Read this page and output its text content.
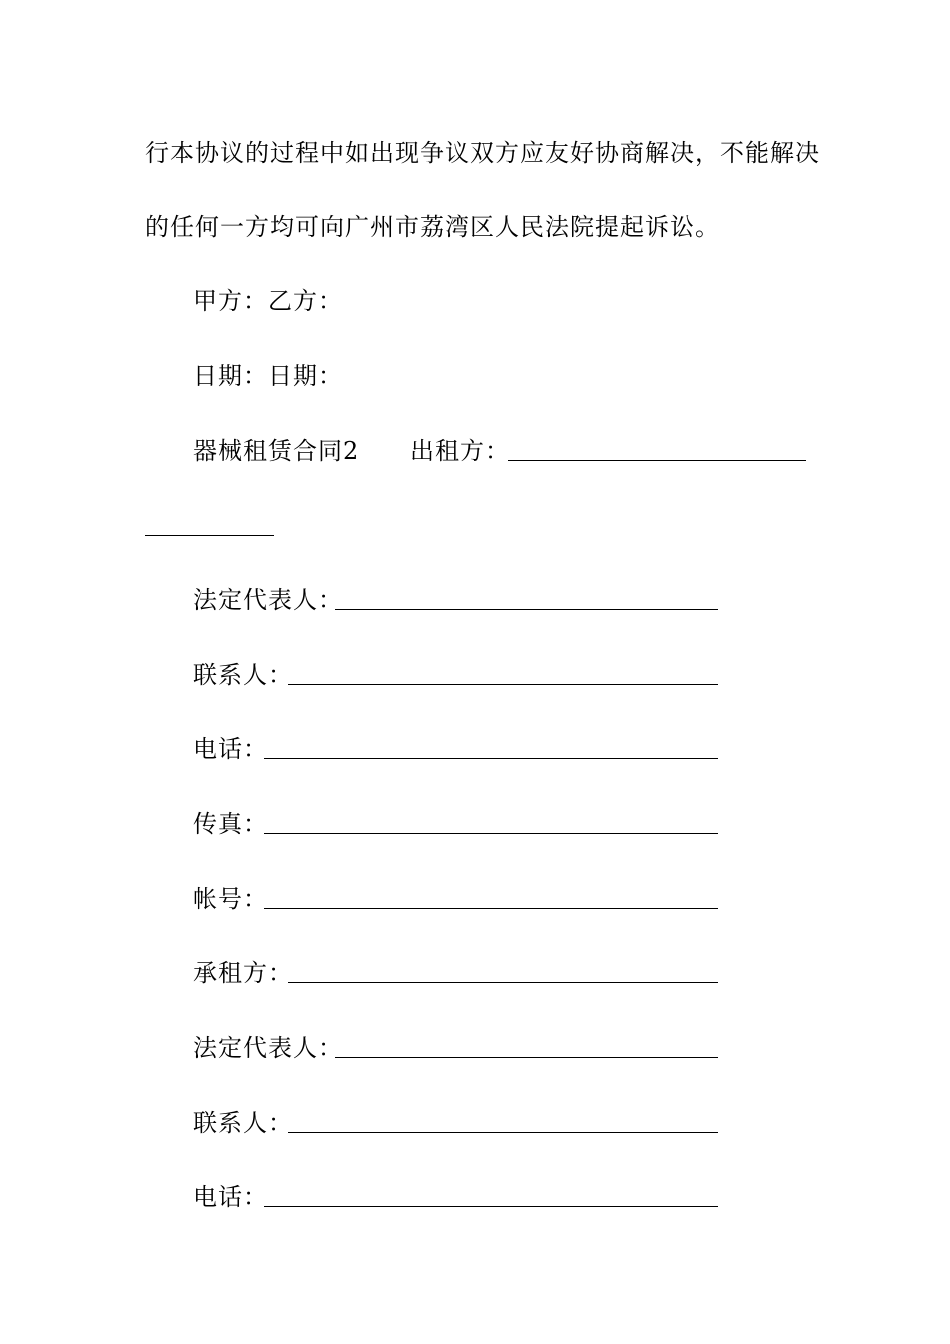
行本协议的过程中如出现争议双方应友好协商解决，不能解决
的任何一方均可向广州市荔湾区人民法院提起诉讼。
甲方：乙方：
日期：日期：
器械租赁合同2 出租方：
法定代表人：
联系人：
电话：
传真：
帐号：
承租方：
法定代表人：
联系人：
电话：
